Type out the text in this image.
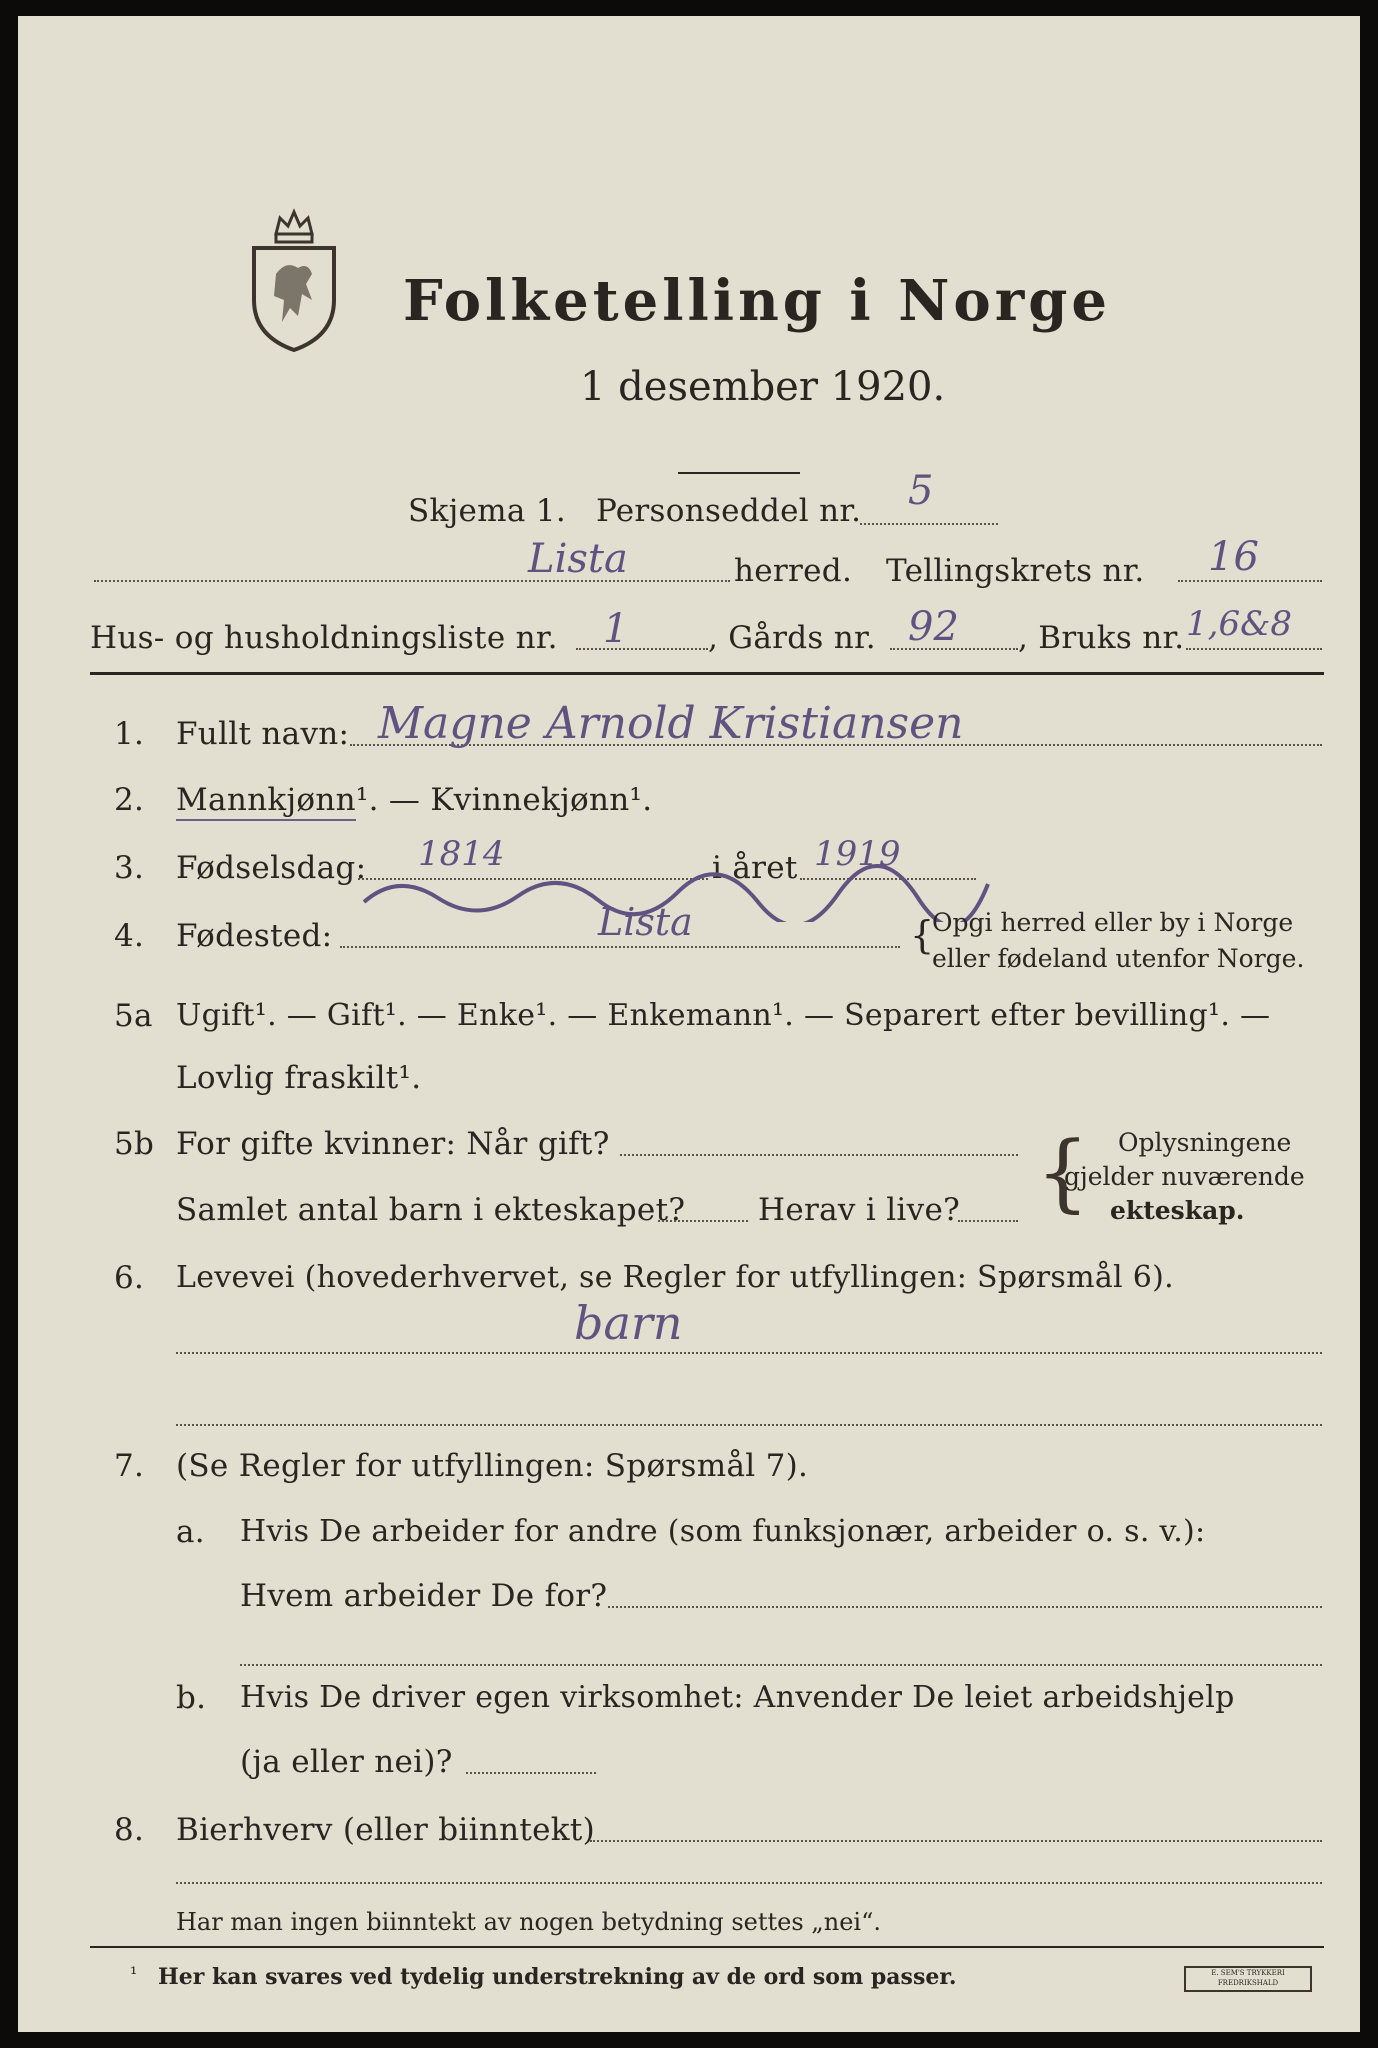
Folketelling i Norge
1 desember 1920.
Skjema 1. Personseddel nr. 5
Lista	herred. Tellingskrets nr. 16
Hus- og husholdningsliste nr. 1	, Gårds nr. 92 , Bruks nr. 1,6&8
1. Fullt navn: Magne Arnold Kristiansen
2. Mannkjønn¹. — Kvinnekjønn¹.
3. Fødselsdag: 1814	i året 1919
4. Fødested:	Lista	{
Opgi herred eller by i Norge
eller fødeland utenfor Norge.
5a Ugift¹. — Gift¹. — Enke¹. — Enkemann¹. — Separert efter bevilling¹. —
Lovlig fraskilt¹.
5b For gifte kvinner: Når gift?
Samlet antal barn i ekteskapet? Herav i live? { Oplysningene
gjelder nuværende
ekteskap.
6. Levevei (hovederhvervet, se Regler for utfyllingen: Spørsmål 6).
barn
7. (Se Regler for utfyllingen: Spørsmål 7).
a. Hvis De arbeider for andre (som funksjonær, arbeider o. s. v.):
Hvem arbeider De for?
b. Hvis De driver egen virksomhet: Anvender De leiet arbeidshjelp
(ja eller nei)?
8. Bierhverv (eller biinntekt)
Har man ingen biinntekt av nogen betydning settes „nei“.
¹ Her kan svares ved tydelig understrekning av de ord som passer.	E. SEM'S TRYKKERI FREDRIKSHALD
